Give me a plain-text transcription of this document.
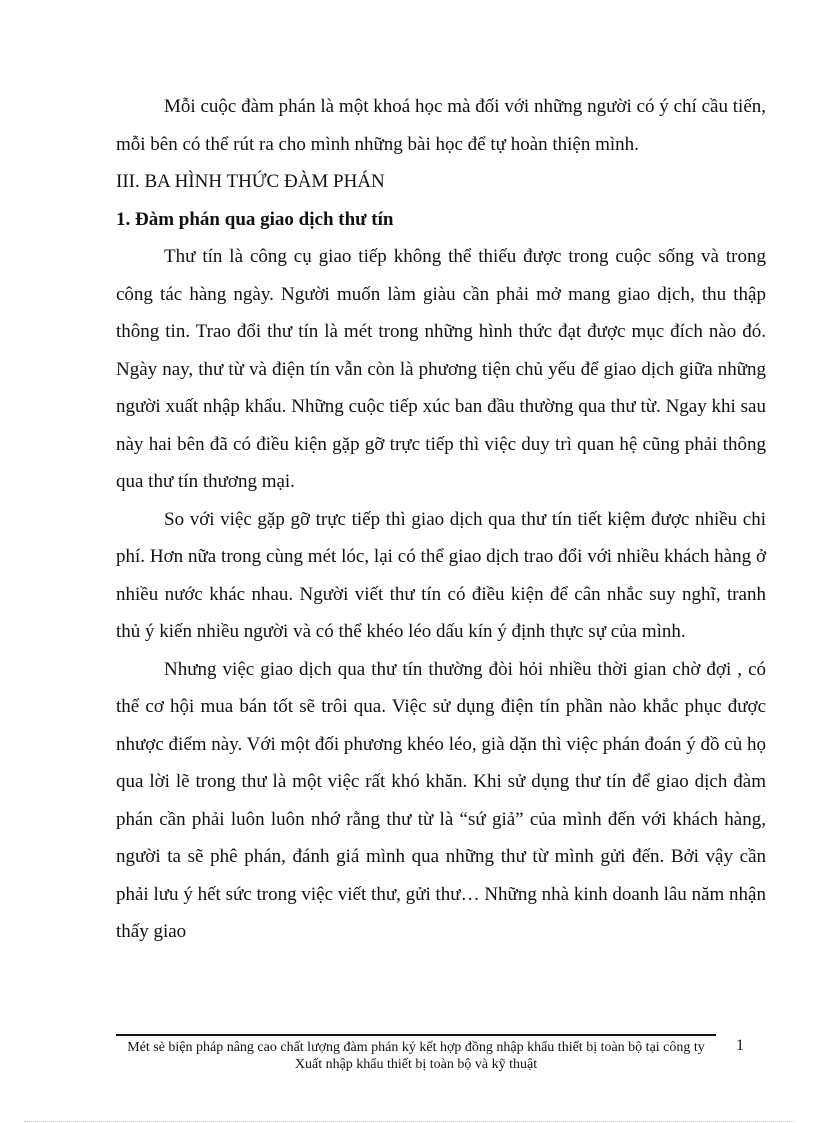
Mỗi cuộc đàm phán là một khoá học mà đối với những người có ý chí cầu tiến, mỗi bên có thể rút ra cho mình những bài học để tự hoàn thiện mình.

III. BA HÌNH THỨC ĐÀM PHÁN
1. Đàm phán qua giao dịch thư tín

Thư tín là công cụ giao tiếp không thể thiếu được trong cuộc sống và trong công tác hàng ngày. Người muốn làm giàu cần phải mở mang giao dịch, thu thập thông tin. Trao đổi thư tín là mét trong những hình thức đạt được mục đích nào đó. Ngày nay, thư từ và điện tín vẫn còn là phương tiện chủ yếu để giao dịch giữa những người xuất nhập khẩu. Những cuộc tiếp xúc ban đầu thường qua thư từ. Ngay khi sau này hai bên đã có điều kiện gặp gỡ trực tiếp thì việc duy trì quan hệ cũng phải thông qua thư tín thương mại.

So với việc gặp gỡ trực tiếp thì giao dịch qua thư tín tiết kiệm được nhiều chi phí. Hơn nữa trong cùng mét lóc, lại có thể giao dịch trao đổi với nhiều khách hàng ở nhiều nước khác nhau. Người viết thư tín có điều kiện để cân nhắc suy nghĩ, tranh thủ ý kiến nhiều người và có thể khéo léo dấu kín ý định thực sự của mình.

Nhưng việc giao dịch qua thư tín thường đòi hỏi nhiều thời gian chờ đợi , có thể cơ hội mua bán tốt sẽ trôi qua. Việc sử dụng điện tín phần nào khắc phục được nhược điểm này. Với một đối phương khéo léo, già dặn thì việc phán đoán ý đồ củ họ qua lời lẽ trong thư là một việc rất khó khăn. Khi sử dụng thư tín để giao dịch đàm phán cần phải luôn luôn nhớ rằng thư từ là “sứ giả” của mình đến với khách hàng, người ta sẽ phê phán, đánh giá mình qua những thư từ mình gửi đến. Bởi vậy cần phải lưu ý hết sức trong việc viết thư, gửi thư… Những nhà kinh doanh lâu năm nhận thấy giao

Mét sè biện pháp nâng cao chất lượng đàm phán ký kết hợp đồng nhập khẩu thiết bị toàn bộ tại công ty Xuất nhập khẩu thiết bị toàn bộ và kỹ thuật
1
